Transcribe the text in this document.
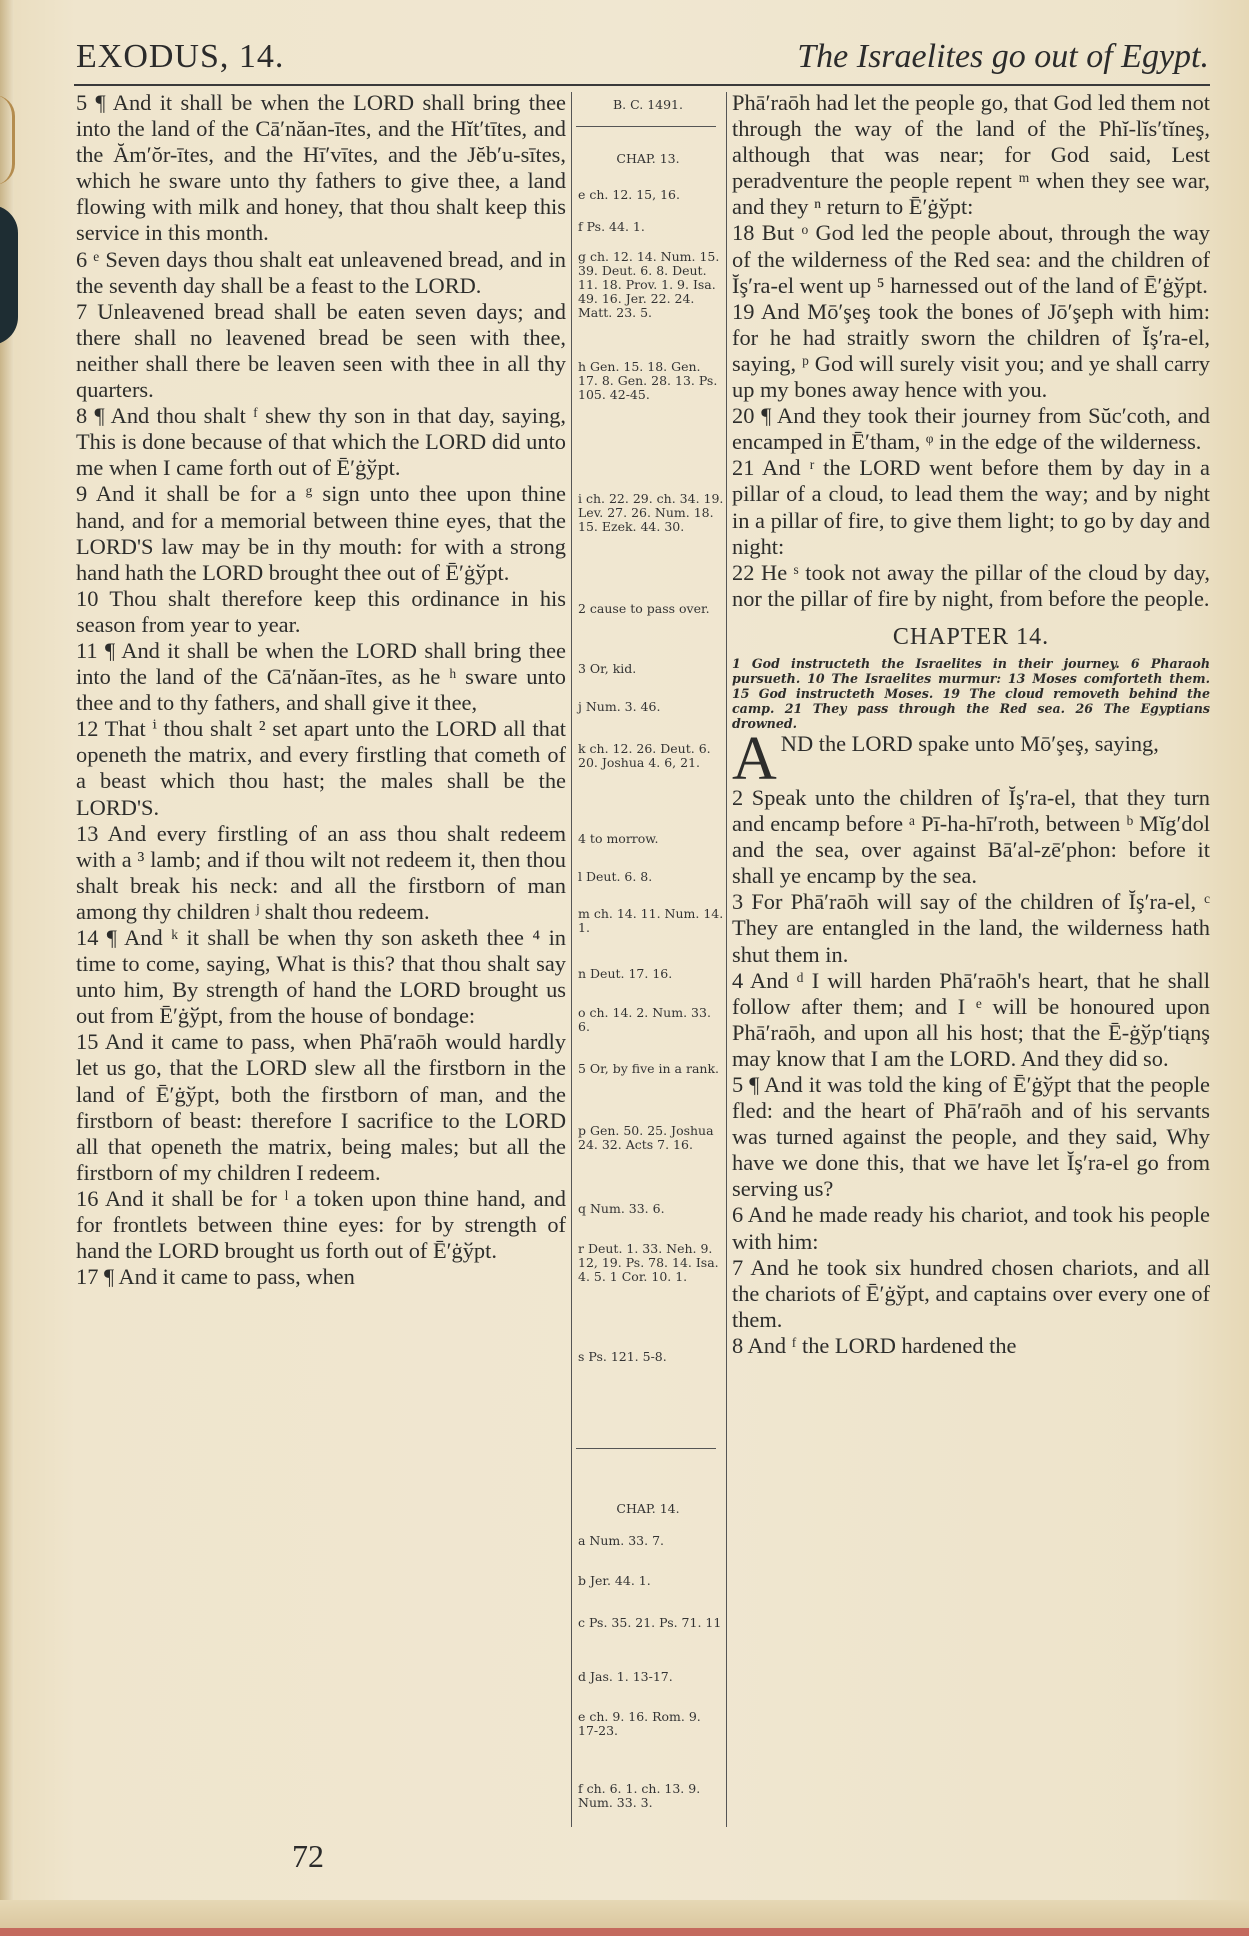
EXODUS, 14.	The Israelites go out of Egypt.

5 ¶ And it shall be when the LORD shall bring thee into the land of the Cā′năan-ītes, and the Hĭt′tītes, and the Ăm′ŏr-ītes, and the Hī′vītes, and the Jĕb′u-sītes, which he sware unto thy fathers to give thee, a land flowing with milk and honey, that thou shalt keep this service in this month.

6 ᵉ Seven days thou shalt eat unleavened bread, and in the seventh day shall be a feast to the LORD.

7 Unleavened bread shall be eaten seven days; and there shall no leavened bread be seen with thee, neither shall there be leaven seen with thee in all thy quarters.

8 ¶ And thou shalt ᶠ shew thy son in that day, saying, This is done because of that which the LORD did unto me when I came forth out of Ē′ġўpt.

9 And it shall be for a ᵍ sign unto thee upon thine hand, and for a memorial between thine eyes, that the LORD'S law may be in thy mouth: for with a strong hand hath the LORD brought thee out of Ē′ġўpt.

10 Thou shalt therefore keep this ordinance in his season from year to year.

11 ¶ And it shall be when the LORD shall bring thee into the land of the Cā′năan-ītes, as he ʰ sware unto thee and to thy fathers, and shall give it thee,

12 That ⁱ thou shalt ² set apart unto the LORD all that openeth the matrix, and every firstling that cometh of a beast which thou hast; the males shall be the LORD'S.

13 And every firstling of an ass thou shalt redeem with a ³ lamb; and if thou wilt not redeem it, then thou shalt break his neck: and all the firstborn of man among thy children ʲ shalt thou redeem.

14 ¶ And ᵏ it shall be when thy son asketh thee ⁴ in time to come, saying, What is this? that thou shalt say unto him, By strength of hand the LORD brought us out from Ē′ġўpt, from the house of bondage:

15 And it came to pass, when Phā′raōh would hardly let us go, that the LORD slew all the firstborn in the land of Ē′ġўpt, both the firstborn of man, and the firstborn of beast: therefore I sacrifice to the LORD all that openeth the matrix, being males; but all the firstborn of my children I redeem.

16 And it shall be for ˡ a token upon thine hand, and for frontlets between thine eyes: for by strength of hand the LORD brought us forth out of Ē′ġўpt.

17 ¶ And it came to pass, when

B. C. 1491.
CHAP. 13.
e ch. 12. 15, 16.
f Ps. 44. 1.
g ch. 12. 14. Num. 15. 39. Deut. 6. 8. Deut. 11. 18. Prov. 1. 9. Isa. 49. 16. Jer. 22. 24. Matt. 23. 5.
h Gen. 15. 18. Gen. 17. 8. Gen. 28. 13. Ps. 105. 42-45.
i ch. 22. 29. ch. 34. 19. Lev. 27. 26. Num. 18. 15. Ezek. 44. 30.
2 cause to pass over.
3 Or, kid.
j Num. 3. 46.
k ch. 12. 26. Deut. 6. 20. Joshua 4. 6, 21.
4 to morrow.
l Deut. 6. 8.
m ch. 14. 11. Num. 14. 1.
n Deut. 17. 16.
o ch. 14. 2. Num. 33. 6.
5 Or, by five in a rank.
p Gen. 50. 25. Joshua 24. 32. Acts 7. 16.
q Num. 33. 6.
r Deut. 1. 33. Neh. 9. 12, 19. Ps. 78. 14. Isa. 4. 5. 1 Cor. 10. 1.
s Ps. 121. 5-8.
CHAP. 14.
a Num. 33. 7.
b Jer. 44. 1.
c Ps. 35. 21. Ps. 71. 11
d Jas. 1. 13-17.
e ch. 9. 16. Rom. 9. 17-23.
f ch. 6. 1. ch. 13. 9. Num. 33. 3.

Phā′raōh had let the people go, that God led them not through the way of the land of the Phĭ-lĭs′tĭneş, although that was near; for God said, Lest peradventure the people repent ᵐ when they see war, and they ⁿ return to Ē′ġўpt:

18 But ᵒ God led the people about, through the way of the wilderness of the Red sea: and the children of Ĭş′ra-el went up ⁵ harnessed out of the land of Ē′ġўpt.

19 And Mō′şeş took the bones of Jō′şeph with him: for he had straitly sworn the children of Ĭş′ra-el, saying, ᵖ God will surely visit you; and ye shall carry up my bones away hence with you.

20 ¶ And they took their journey from Sŭc′coth, and encamped in Ē′tham, ᵠ in the edge of the wilderness.

21 And ʳ the LORD went before them by day in a pillar of a cloud, to lead them the way; and by night in a pillar of fire, to give them light; to go by day and night:

22 He ˢ took not away the pillar of the cloud by day, nor the pillar of fire by night, from before the people.

CHAPTER 14.

1 God instructeth the Israelites in their journey. 6 Pharaoh pursueth. 10 The Israelites murmur: 13 Moses comforteth them. 15 God instructeth Moses. 19 The cloud removeth behind the camp. 21 They pass through the Red sea. 26 The Egyptians drowned.

AND the LORD spake unto Mō′şeş, saying,

2 Speak unto the children of Ĭş′ra-el, that they turn and encamp before ᵃ Pī-ha-hī′roth, between ᵇ Mĭg′dol and the sea, over against Bā′al-zē′phon: before it shall ye encamp by the sea.

3 For Phā′raōh will say of the children of Ĭş′ra-el, ᶜ They are entangled in the land, the wilderness hath shut them in.

4 And ᵈ I will harden Phā′raōh's heart, that he shall follow after them; and I ᵉ will be honoured upon Phā′raōh, and upon all his host; that the Ē-ġўp′tiąnş may know that I am the LORD. And they did so.

5 ¶ And it was told the king of Ē′ġўpt that the people fled: and the heart of Phā′raōh and of his servants was turned against the people, and they said, Why have we done this, that we have let Ĭş′ra-el go from serving us?

6 And he made ready his chariot, and took his people with him:

7 And he took six hundred chosen chariots, and all the chariots of Ē′ġўpt, and captains over every one of them.

8 And ᶠ the LORD hardened the

72
